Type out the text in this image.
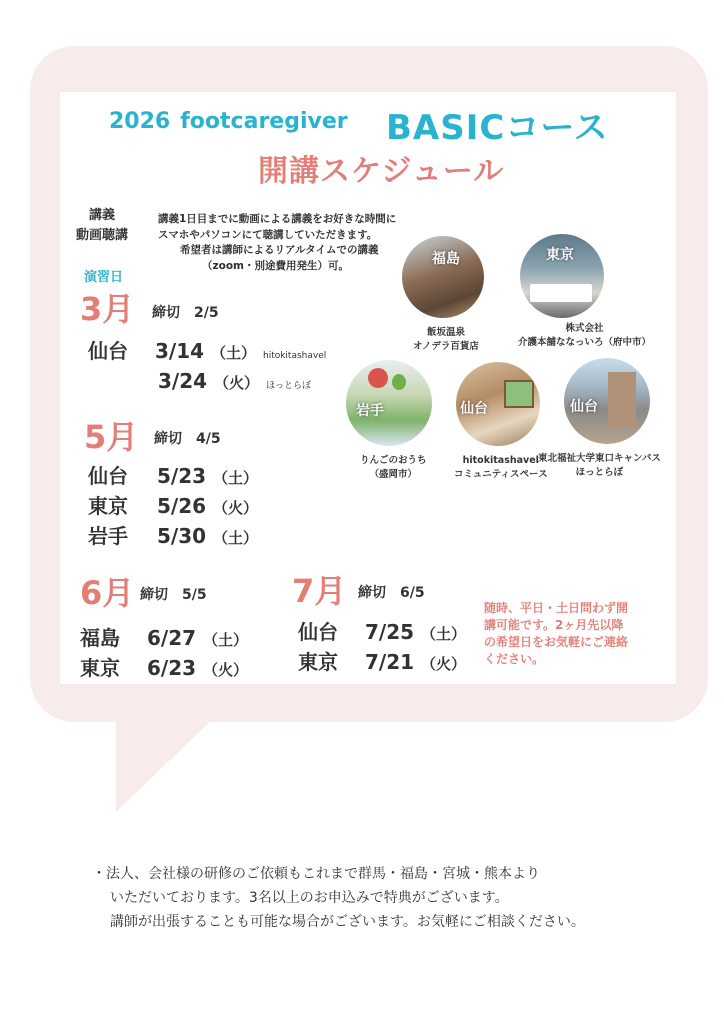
2026 footcaregiver BASICコース
開講スケジュール
講義
動画聴講
講義1日目までに動画による講義をお好きな時間に
スマホやパソコンにて聴講していただきます。
希望者は講師によるリアルタイムでの講義
（zoom・別途費用発生）可。
演習日
3月 締切 2/5
仙台 3/14 （土） hitokitashavel
3/24 （火） ほっとらぼ
5月 締切 4/5
仙台 5/23 （土）
東京 5/26 （火）
岩手 5/30 （土）
6月 締切 5/5
福島 6/27 （土）
東京 6/23 （火）
7月 締切 6/5
仙台 7/25 （土）
東京 7/21 （火）
福島
飯坂温泉
オノデラ百貨店
東京
株式会社
介護本舗ななっいろ（府中市）
岩手
りんごのおうち
（盛岡市）
仙台
hitokitashavel
コミュニティスペース
仙台
東北福祉大学東口キャンパス
ほっとらぼ
随時、平日・土日問わず開
講可能です。2ヶ月先以降
の希望日をお気軽にご連絡
ください。
・法人、会社様の研修のご依頼もこれまで群馬・福島・宮城・熊本より
いただいております。3名以上のお申込みで特典がございます。
講師が出張することも可能な場合がございます。お気軽にご相談ください。
